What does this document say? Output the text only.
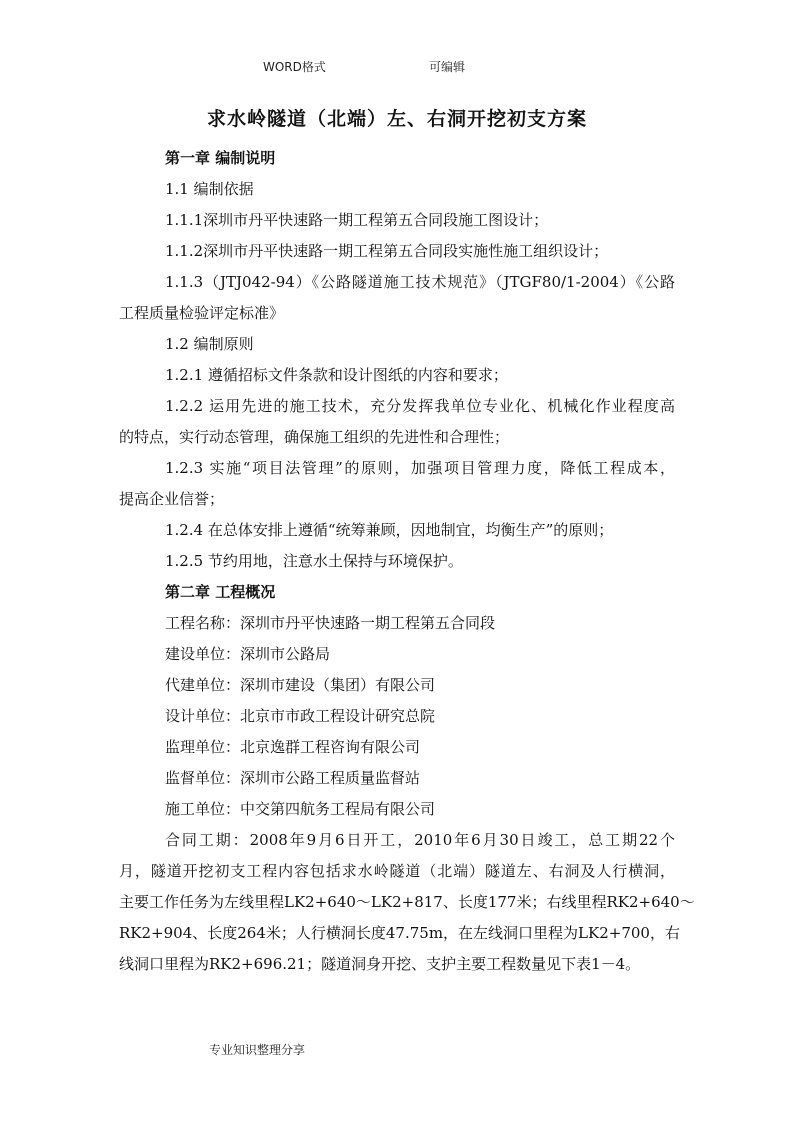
WORD格式	可编辑
求水岭隧道（北端）左、右洞开挖初支方案
第一章 编制说明
1.1 编制依据
1.1.1深圳市丹平快速路一期工程第五合同段施工图设计；
1.1.2深圳市丹平快速路一期工程第五合同段实施性施工组织设计；
1.1.3（JTJ042-94）《公路隧道施工技术规范》（JTGF80/1-2004）《公路
工程质量检验评定标准》
1.2 编制原则
1.2.1 遵循招标文件条款和设计图纸的内容和要求；
1.2.2 运用先进的施工技术，充分发挥我单位专业化、机械化作业程度高
的特点，实行动态管理，确保施工组织的先进性和合理性；
1.2.3 实施“项目法管理”的原则，加强项目管理力度，降低工程成本，
提高企业信誉；
1.2.4 在总体安排上遵循“统筹兼顾，因地制宜，均衡生产”的原则；
1.2.5 节约用地，注意水土保持与环境保护。
第二章 工程概况
工程名称：深圳市丹平快速路一期工程第五合同段
建设单位：深圳市公路局
代建单位：深圳市建设（集团）有限公司
设计单位：北京市市政工程设计研究总院
监理单位：北京逸群工程咨询有限公司
监督单位：深圳市公路工程质量监督站
施工单位：中交第四航务工程局有限公司
合同工期：2008年9月6日开工，2010年6月30日竣工，总工期22个
月，隧道开挖初支工程内容包括求水岭隧道（北端）隧道左、右洞及人行横洞，
主要工作任务为左线里程LK2+640～LK2+817、长度177米；右线里程RK2+640～
RK2+904、长度264米；人行横洞长度47.75m，在左线洞口里程为LK2+700，右
线洞口里程为RK2+696.21；隧道洞身开挖、支护主要工程数量见下表1－4。
专业知识整理分享
